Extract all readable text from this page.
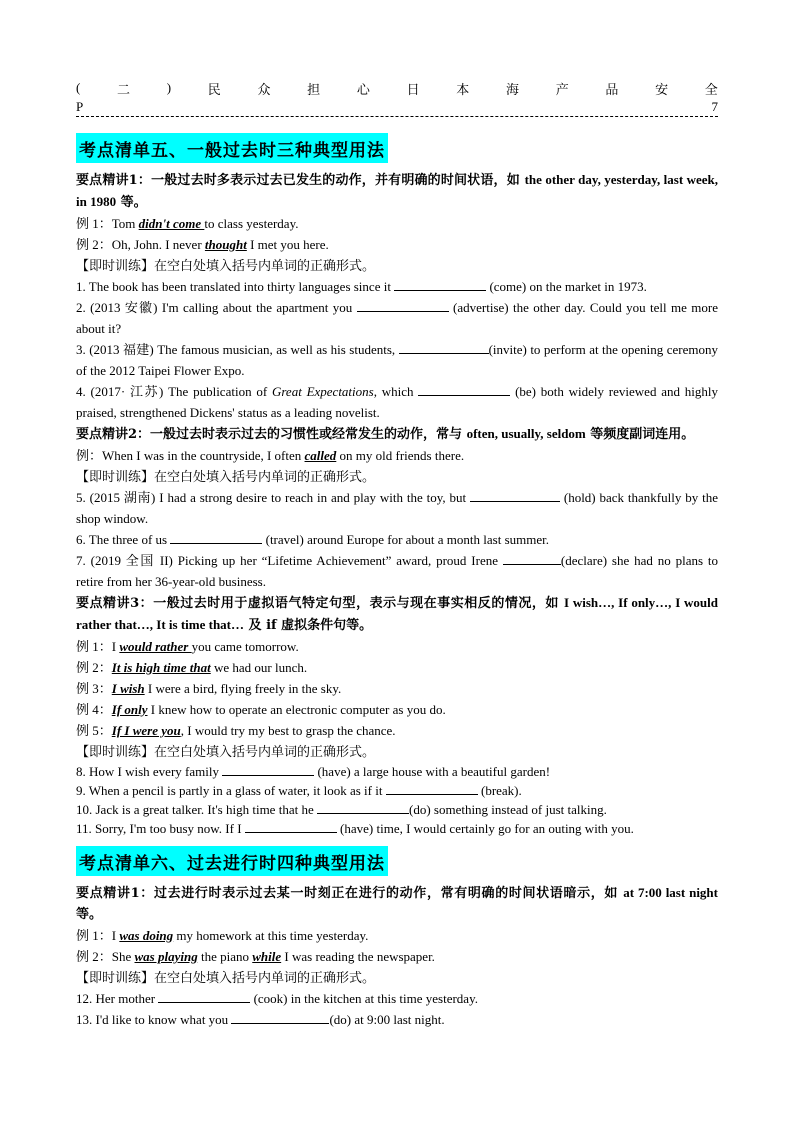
(	二	)	民	众	担	心	日	本	海	产	品	安	全
P	7
考点清单五、一般过去时三种典型用法

要点精讲1：一般过去时多表示过去已发生的动作，并有明确的时间状语，如 the other day, yesterday, last week, in 1980 等。

例 1：Tom didn't come to class yesterday.

例 2：Oh, John. I never thought I met you here.

【即时训练】在空白处填入括号内单词的正确形式。

1. The book has been translated into thirty languages since it	(come) on the market in 1973.

2. (2013 安徽) I'm calling about the apartment you	(advertise) the other day. Could you tell me more about it?

3. (2013 福建) The famous musician, as well as his students,	(invite) to perform at the opening ceremony of the 2012 Taipei Flower Expo.

4. (2017· 江苏) The publication of Great Expectations, which	(be) both widely reviewed and highly praised, strengthened Dickens' status as a leading novelist.

要点精讲2：一般过去时表示过去的习惯性或经常发生的动作，常与 often, usually, seldom 等频度副词连用。

例：When I was in the countryside, I often called on my old friends there.

【即时训练】在空白处填入括号内单词的正确形式。

5. (2015 湖南) I had a strong desire to reach in and play with the toy, but	(hold) back thankfully by the shop window.

6. The three of us	(travel) around Europe for about a month last summer.

7. (2019 全国 II) Picking up her “Lifetime Achievement” award, proud Irene	(declare) she had no plans to retire from her 36-year-old business.

要点精讲3：一般过去时用于虚拟语气特定句型，表示与现在事实相反的情况，如 I wish…, If only…, I would rather that…, It is time that… 及 if 虚拟条件句等。

例 1：I would rather you came tomorrow.

例 2：It is high time that we had our lunch.

例 3：I wish I were a bird, flying freely in the sky.

例 4：If only I knew how to operate an electronic computer as you do.

例 5：If I were you, I would try my best to grasp the chance.

【即时训练】在空白处填入括号内单词的正确形式。

8. How I wish every family	(have) a large house with a beautiful garden!

9. When a pencil is partly in a glass of water, it look as if it	(break).

10. Jack is a great talker. It's high time that he	(do) something instead of just talking.

11. Sorry, I'm too busy now. If I	(have) time, I would certainly go for an outing with you.

考点清单六、过去进行时四种典型用法

要点精讲1：过去进行时表示过去某一时刻正在进行的动作，常有明确的时间状语暗示，如 at 7:00 last night 等。

例 1：I was doing my homework at this time yesterday.

例 2：She was playing the piano while I was reading the newspaper.

【即时训练】在空白处填入括号内单词的正确形式。

12. Her mother	(cook) in the kitchen at this time yesterday.

13. I'd like to know what you	(do) at 9:00 last night.
